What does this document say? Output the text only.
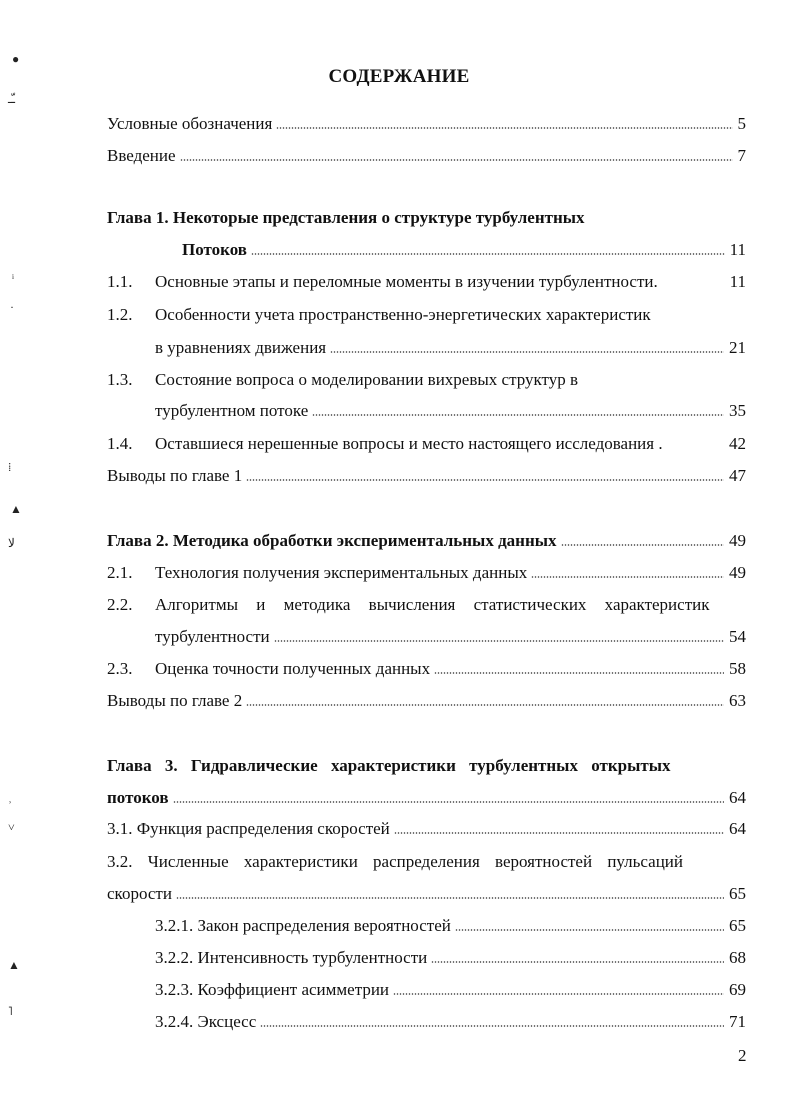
●
ـّـ
ᵢ
·
⁞
▲
ﻻ
˒
˅
▲
˥
СОДЕРЖАНИЕ
Условные обозначения	5
Введение	7
Глава 1. Некоторые представления о структуре турбулентных
Потоков	11
1.1.	Основные этапы и переломные моменты в изучении турбулентности.	11
1.2.	Особенности учета пространственно-энергетических характеристик
в уравнениях движения	21
1.3.	Состояние вопроса о моделировании вихревых структур в
турбулентном потоке	35
1.4.	Оставшиеся нерешенные вопросы и место настоящего исследования .	42
Выводы по главе 1	47
Глава 2. Методика обработки экспериментальных данных	49
2.1.	Технология получения экспериментальных данных	49
2.2.	Алгоритмы и методика вычисления статистических характеристик
турбулентности	54
2.3.	Оценка точности полученных данных	58
Выводы по главе 2	63
Глава 3. Гидравлические характеристики турбулентных открытых
потоков	64
3.1. Функция распределения скоростей	64
3.2. Численные характеристики распределения вероятностей пульсаций
скорости	65
3.2.1. Закон распределения вероятностей	65
3.2.2. Интенсивность турбулентности	68
3.2.3. Коэффициент асимметрии	69
3.2.4. Эксцесс	71
2
